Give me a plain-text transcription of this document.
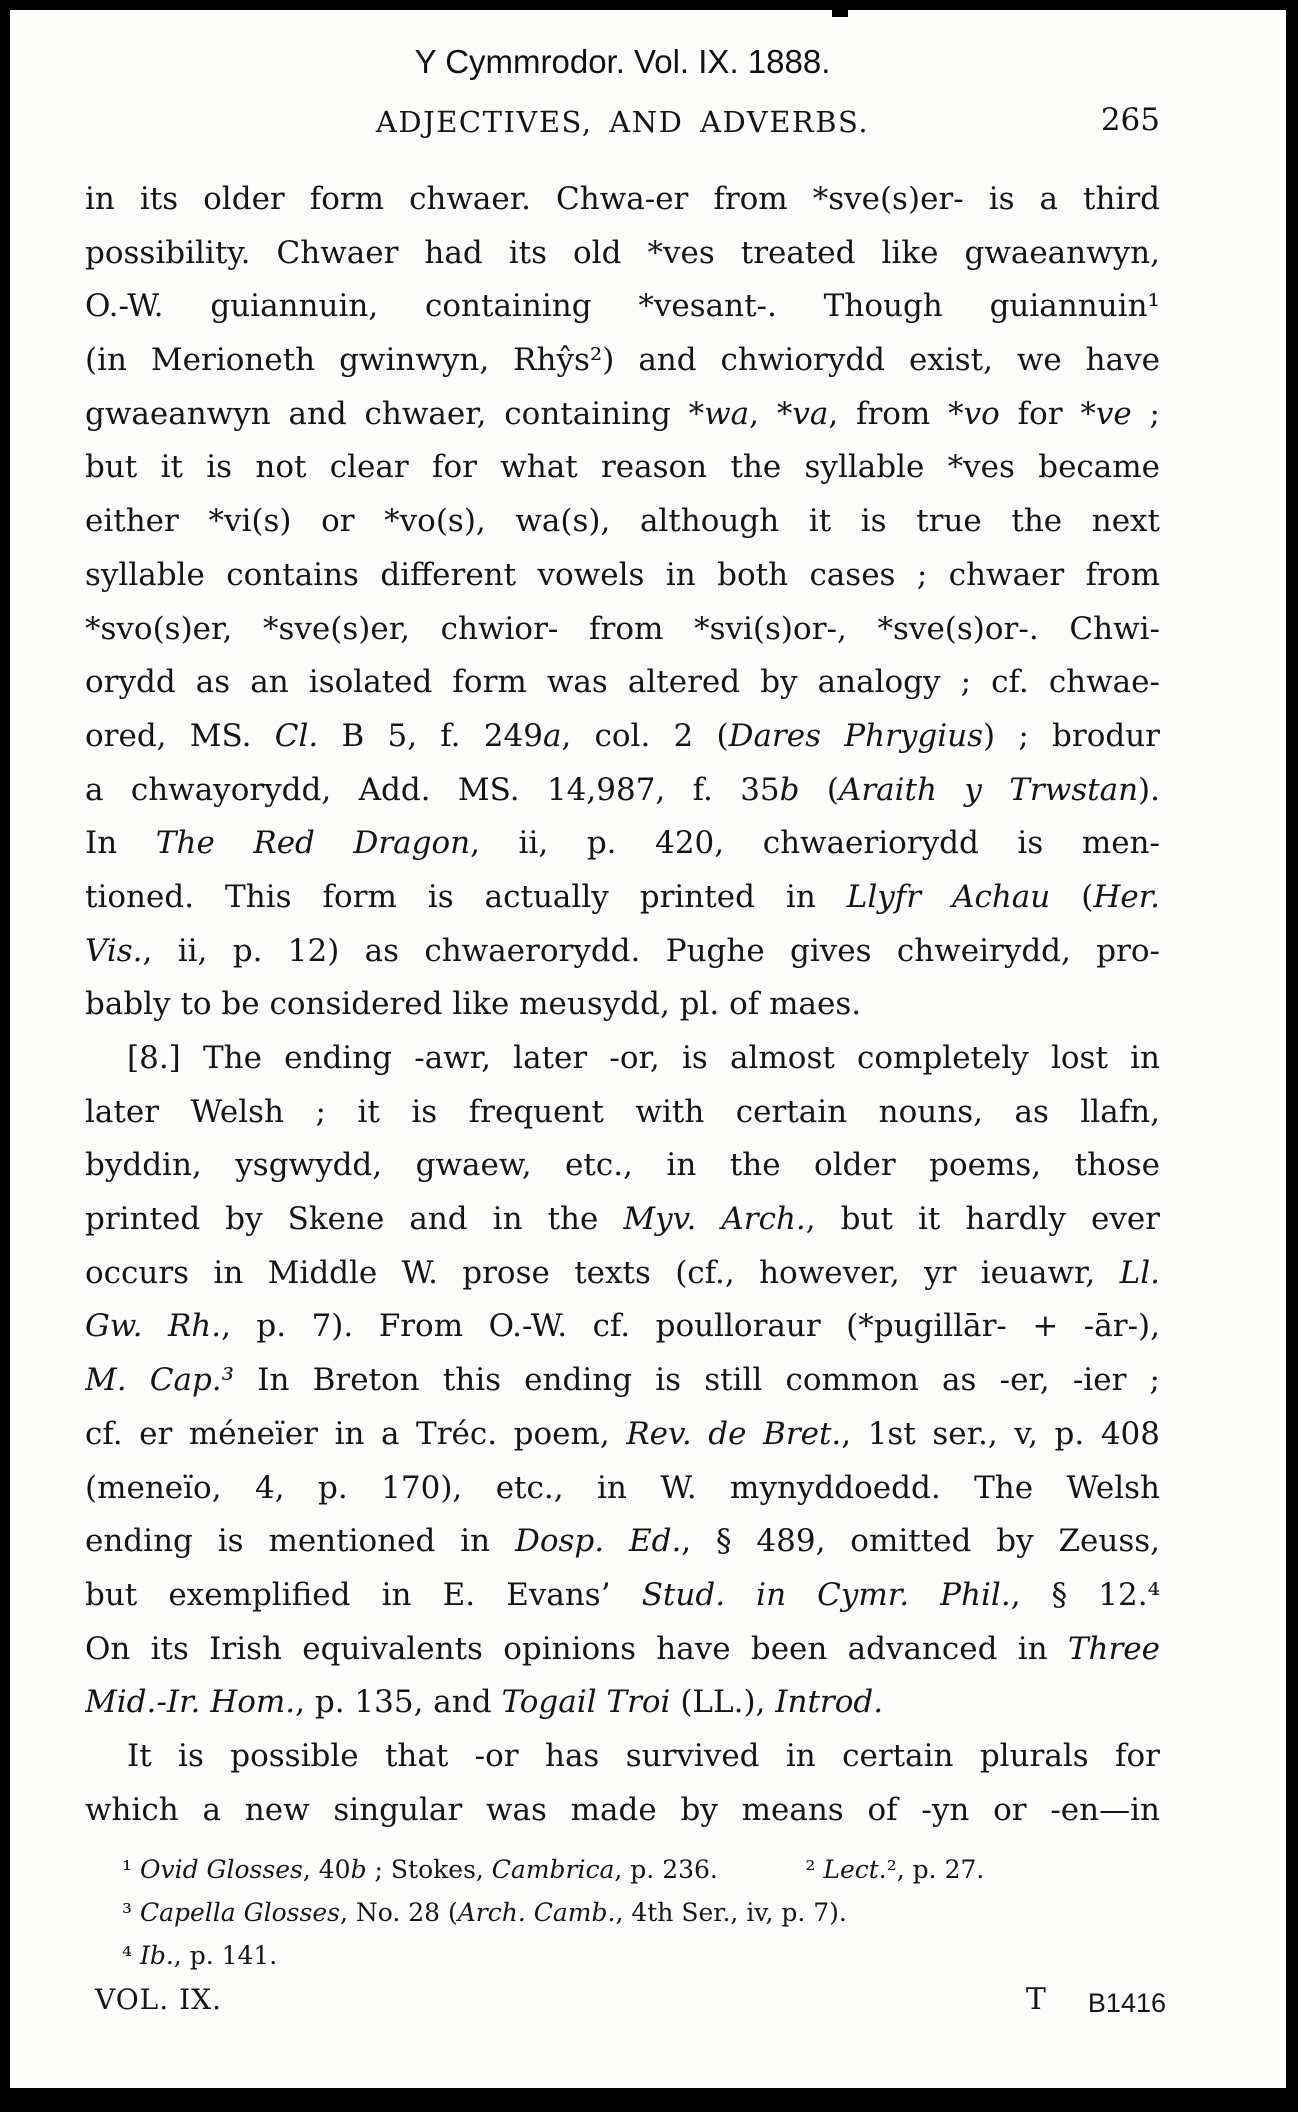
Y Cymmrodor. Vol. IX. 1888.
ADJECTIVES, AND ADVERBS.	265
in its older form chwaer. Chwa-er from *sve(s)er- is a third
possibility. Chwaer had its old *ves treated like gwaeanwyn,
O.-W. guiannuin, containing *vesant-. Though guiannuin¹
(in Merioneth gwinwyn, Rhŷs²) and chwiorydd exist, we have
gwaeanwyn and chwaer, containing *wa, *va, from *vo for *ve ;
but it is not clear for what reason the syllable *ves became
either *vi(s) or *vo(s), wa(s), although it is true the next
syllable contains different vowels in both cases ; chwaer from
*svo(s)er, *sve(s)er, chwior- from *svi(s)or-, *sve(s)or-. Chwi-
orydd as an isolated form was altered by analogy ; cf. chwae-
ored, MS. Cl. B 5, f. 249a, col. 2 (Dares Phrygius) ; brodur
a chwayorydd, Add. MS. 14,987, f. 35b (Araith y Trwstan).
In The Red Dragon, ii, p. 420, chwaeriorydd is men-
tioned. This form is actually printed in Llyfr Achau (Her.
Vis., ii, p. 12) as chwaerorydd. Pughe gives chweirydd, pro-
bably to be considered like meusydd, pl. of maes.
[8.] The ending -awr, later -or, is almost completely lost in
later Welsh ; it is frequent with certain nouns, as llafn,
byddin, ysgwydd, gwaew, etc., in the older poems, those
printed by Skene and in the Myv. Arch., but it hardly ever
occurs in Middle W. prose texts (cf., however, yr ieuawr, Ll.
Gw. Rh., p. 7). From O.-W. cf. poulloraur (*pugillār- + -ār-),
M. Cap.³ In Breton this ending is still common as -er, -ier ;
cf. er méneïer in a Tréc. poem, Rev. de Bret., 1st ser., v, p. 408
(meneïo, 4, p. 170), etc., in W. mynyddoedd. The Welsh
ending is mentioned in Dosp. Ed., § 489, omitted by Zeuss,
but exemplified in E. Evans’ Stud. in Cymr. Phil., § 12.⁴
On its Irish equivalents opinions have been advanced in Three
Mid.-Ir. Hom., p. 135, and Togail Troi (LL.), Introd.
It is possible that -or has survived in certain plurals for
which a new singular was made by means of -yn or -en—in
¹ Ovid Glosses, 40b ; Stokes, Cambrica, p. 236.    ² Lect.², p. 27.
³ Capella Glosses, No. 28 (Arch. Camb., 4th Ser., iv, p. 7).
⁴ Ib., p. 141.
VOL. IX.	T B1416
